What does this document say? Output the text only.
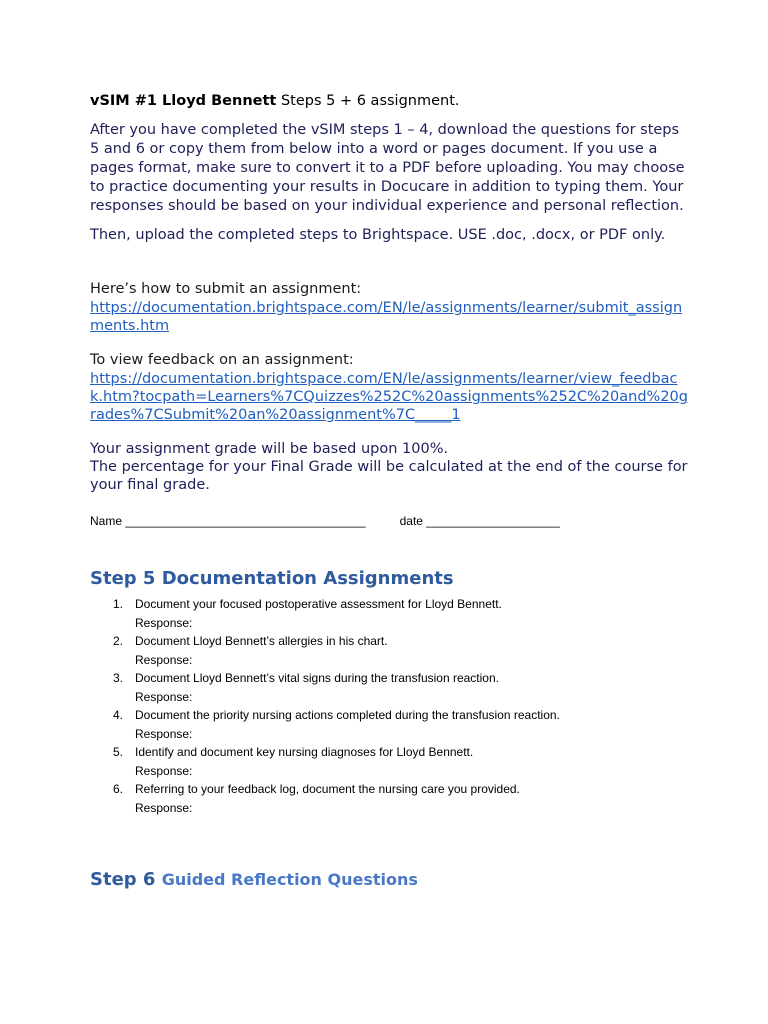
vSIM #1 Lloyd Bennett Steps 5 + 6 assignment.

After you have completed the vSIM steps 1 – 4, download the questions for steps 5 and 6 or copy them from below into a word or pages document. If you use a pages format, make sure to convert it to a PDF before uploading. You may choose to practice documenting your results in Docucare in addition to typing them. Your responses should be based on your individual experience and personal reflection.

Then, upload the completed steps to Brightspace. USE .doc, .docx, or PDF only.

Here’s how to submit an assignment:

https://documentation.brightspace.com/EN/le/assignments/learner/submit_assignments.htm

To view feedback on an assignment:

https://documentation.brightspace.com/EN/le/assignments/learner/view_feedback.htm?tocpath=Learners%7CQuizzes%252C%20assignments%252C%20and%20grades%7CSubmit%20an%20assignment%7C_____1

Your assignment grade will be based upon 100%.

The percentage for your Final Grade will be calculated at the end of the course for your final grade.

Name ____________________________________	date ____________________
Step 5 Documentation Assignments
1. Document your focused postoperative assessment for Lloyd Bennett.
Response:
2. Document Lloyd Bennett’s allergies in his chart.
Response:
3. Document Lloyd Bennett’s vital signs during the transfusion reaction.
Response:
4. Document the priority nursing actions completed during the transfusion reaction.
Response:
5. Identify and document key nursing diagnoses for Lloyd Bennett.
Response:
6. Referring to your feedback log, document the nursing care you provided.
Response:
Step 6 Guided Reflection Questions
